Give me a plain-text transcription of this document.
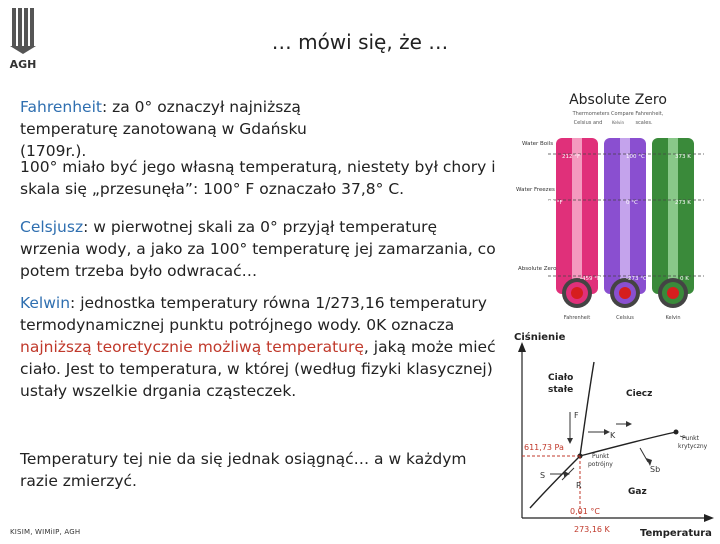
AGH
… mówi się, że …
Fahrenheit: za 0° oznaczył najniższą temperaturę zanotowaną w Gdańsku (1709r.).
100° miało być jego własną temperaturą, niestety był chory i skala się „przesunęła”: 100° F oznaczało 37,8° C.
Celsjusz: w pierwotnej skali za 0° przyjął temperaturę wrzenia wody, a jako za 100° temperaturę jej zamarzania, co potem trzeba było odwracać…
Kelwin: jednostka temperatury równa 1/273,16 temperatury termodynamicznej punktu potrójnego wody. 0K oznacza najniższą teoretycznie możliwą temperaturę, jaką może mieć ciało. Jest to temperatura, w której (według fizyki klasycznej) ustały wszelkie drgania cząsteczek.
Temperatury tej nie da się jednak osiągnąć… a w każdym razie zmierzyć.
KISIM, WIMiIP, AGH
Absolute Zero
Thermometers Compare Fahrenheit,
Celsius and Kelvin scales.
Water Boils
Water Freezes
Absolute Zero
212 °F	100 °C	373 K
32 °F	0 °C	273 K
-459 °F	-273 °C	0 K
Fahrenheit	Celsius	Kelvin
Ciśnienie
Temperatura
Ciało
stałe	Ciecz
Gaz
Punkt
potrójny
Punkt
krytyczny
K
F
S
R
Sb
611,73 Pa
0,01 °C
273,16 K
